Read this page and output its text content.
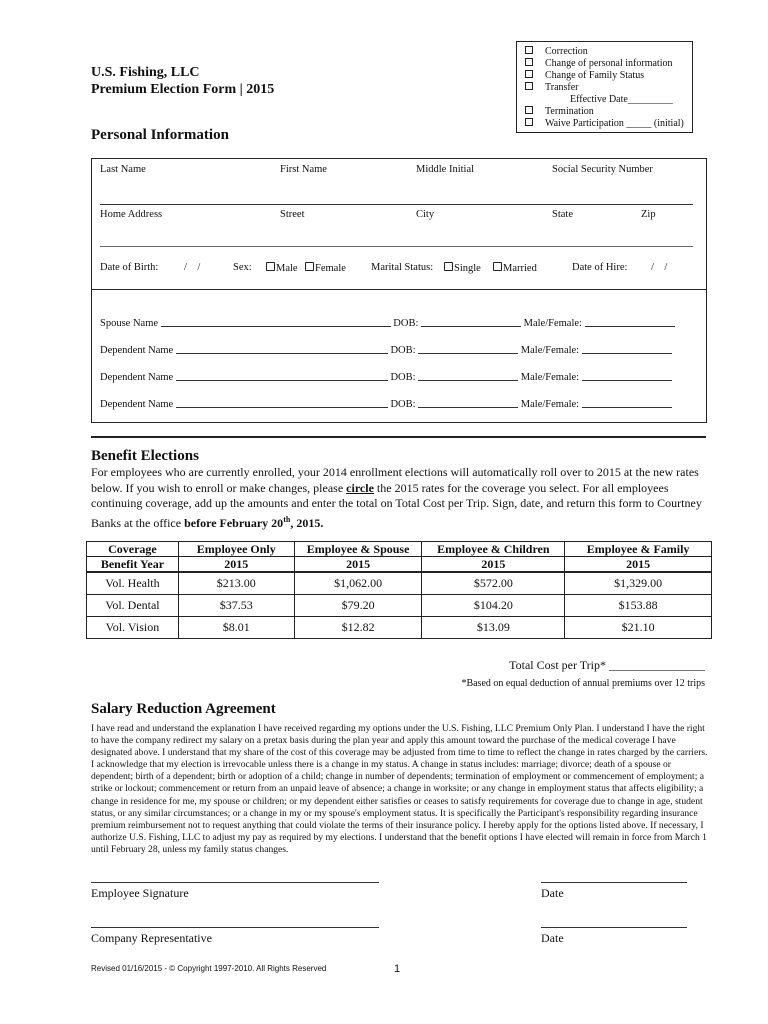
U.S. Fishing, LLC
Premium Election Form | 2015
Correction
Change of personal information
Change of Family Status
Transfer
Effective Date_________
Termination
Waive Participation _____ (initial)
Personal Information
Last Name	First Name	Middle Initial	Social Security Number
Home Address	Street	City	State	Zip
Date of Birth: /    /	Sex:	Male	Female Marital Status:	Single	Married	Date of Hire: /    /
Spouse Name	DOB:	Male/Female:
Dependent Name	DOB:	Male/Female:
Dependent Name	DOB:	Male/Female:
Dependent Name	DOB:	Male/Female:
Benefit Elections
For employees who are currently enrolled, your 2014 enrollment elections will automatically roll over to 2015 at the new rates below. If you wish to enroll or make changes, please circle the 2015 rates for the coverage you select. For all employees continuing coverage, add up the amounts and enter the total on Total Cost per Trip. Sign, date, and return this form to Courtney Banks at the office before February 20th, 2015.
Coverage	Employee Only	Employee & Spouse	Employee & Children	Employee & Family
Benefit Year	2015	2015	2015	2015
Vol. Health	$213.00	$1,062.00	$572.00	$1,329.00
Vol. Dental	$37.53	$79.20	$104.20	$153.88
Vol. Vision	$8.01	$12.82	$13.09	$21.10
Total Cost per Trip* ________________
*Based on equal deduction of annual premiums over 12 trips
Salary Reduction Agreement
I have read and understand the explanation I have received regarding my options under the U.S. Fishing, LLC Premium Only Plan. I understand I have the right to have the company redirect my salary on a pretax basis during the plan year and apply this amount toward the purchase of the medical coverage I have designated above. I understand that my share of the cost of this coverage may be adjusted from time to time to reflect the change in rates charged by the carriers. I acknowledge that my election is irrevocable unless there is a change in my status. A change in status includes: marriage; divorce; death of a spouse or dependent; birth of a dependent; birth or adoption of a child; change in number of dependents; termination of employment or commencement of employment; a strike or lockout; commencement or return from an unpaid leave of absence; a change in worksite; or any change in employment status that affects eligibility; a change in residence for me, my spouse or children; or my dependent either satisfies or ceases to satisfy requirements for coverage due to change in age, student status, or any similar circumstances; or a change in my or my spouse's employment status. It is specifically the Participant's responsibility regarding insurance premium reimbursement not to request anything that could violate the terms of their insurance policy. I hereby apply for the options listed above. If necessary, I authorize U.S. Fishing, LLC to adjust my pay as required by my elections. I understand that the benefit options I have elected will remain in force from March 1 until February 28, unless my family status changes.
Employee Signature	Date
Company Representative	Date
Revised 01/16/2015 - © Copyright 1997-2010. All Rights Reserved	1
